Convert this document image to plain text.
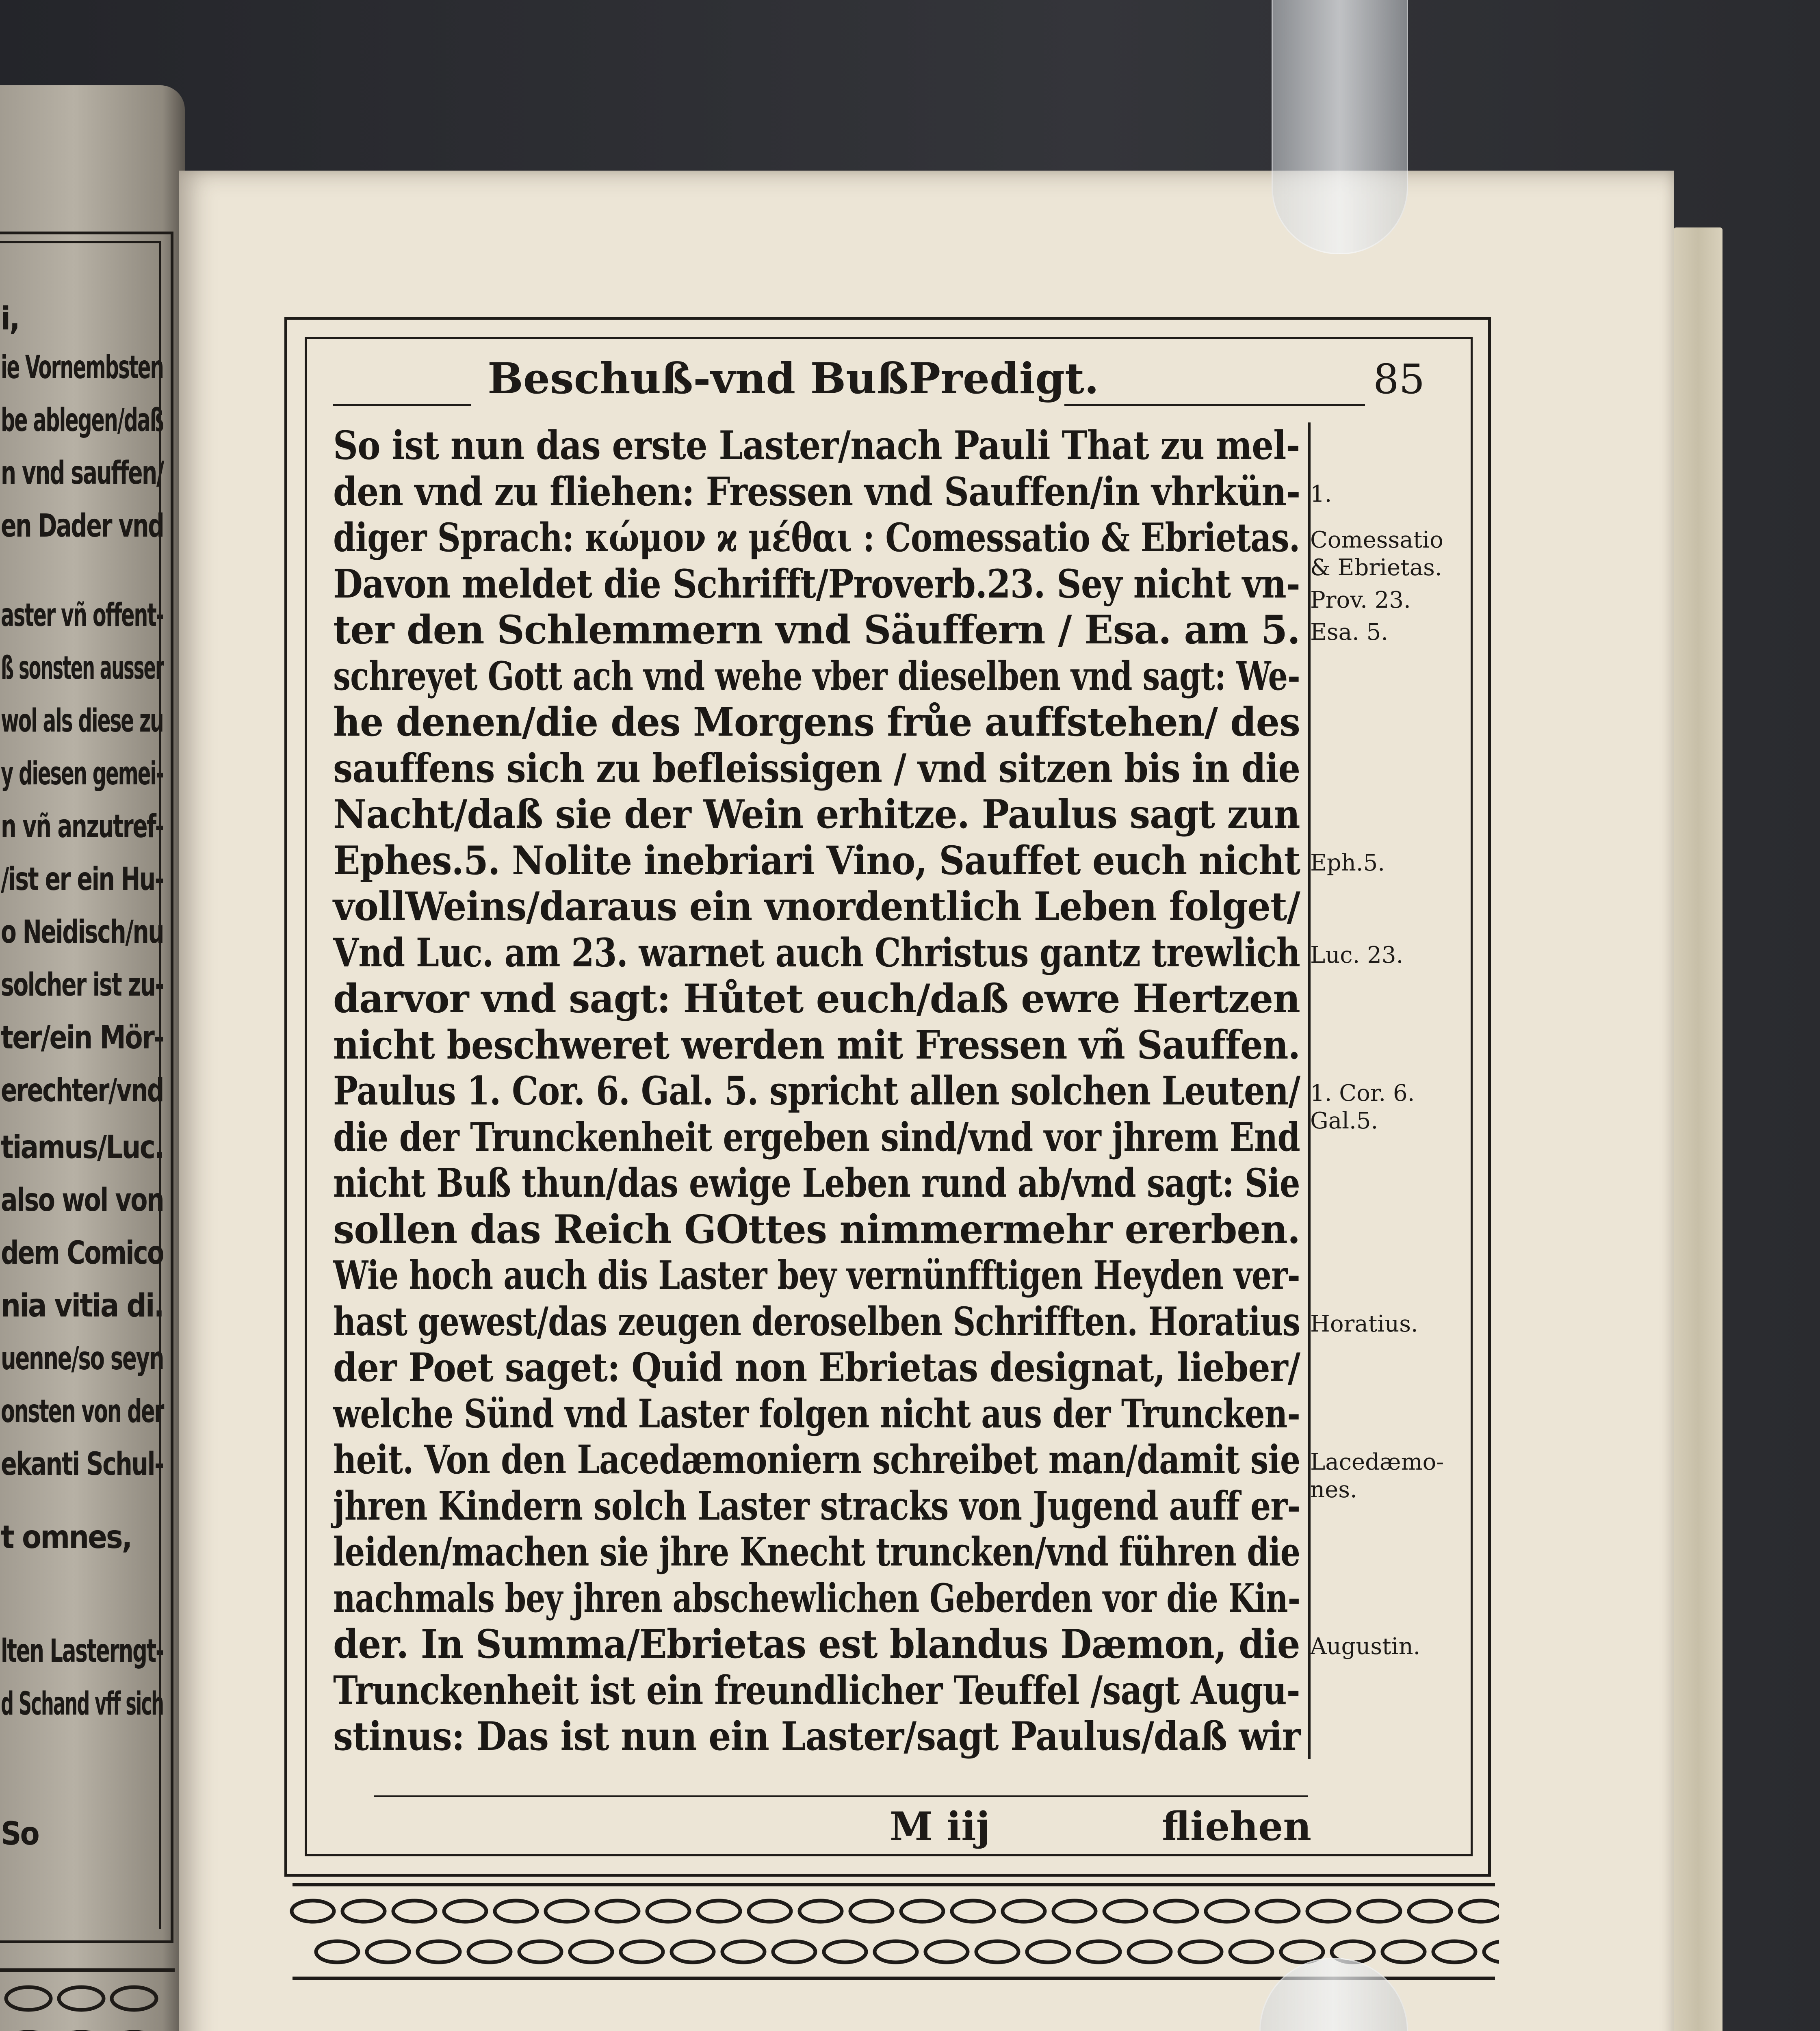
i,
ie Vornembsten
be ablegen/daß
n vnd sauffen/
en Dader vnd
aster vñ offent-
ß sonsten ausser
wol als diese zu
y diesen gemei-
n vñ anzutref-
/ist er ein Hu-
o Neidisch/nu
solcher ist zu-
ter/ein Mör-
erechter/vnd
tiamus/Luc.
also wol von
dem Comico
nia vitia di.
uenne/so seyn
onsten von der
ekanti Schul-
t omnes,
lten Lasterngt-
d Schand vff sich
So
Beschuß-vnd BußPredigt.	85
So ist nun das erste Laster/nach Pauli That zu mel-
den vnd zu fliehen: Fressen vnd Sauffen/in vhrkün-
diger Sprach: κώμον ϰ μέθαι : Comessatio & Ebrietas.
Davon meldet die Schrifft/Proverb.23. Sey nicht vn-
ter den Schlemmern vnd Säuffern / Esa. am 5.
schreyet Gott ach vnd wehe vber dieselben vnd sagt: We-
he denen/die des Morgens frůe auffstehen/ des
sauffens sich zu befleissigen / vnd sitzen bis in die
Nacht/daß sie der Wein erhitze. Paulus sagt zun
Ephes.5. Nolite inebriari Vino, Sauffet euch nicht
vollWeins/daraus ein vnordentlich Leben folget/
Vnd Luc. am 23. warnet auch Christus gantz trewlich
darvor vnd sagt: Hůtet euch/daß ewre Hertzen
nicht beschweret werden mit Fressen vñ Sauffen.
Paulus 1. Cor. 6. Gal. 5. spricht allen solchen Leuten/
die der Trunckenheit ergeben sind/vnd vor jhrem End
nicht Buß thun/das ewige Leben rund ab/vnd sagt: Sie
sollen das Reich GOttes nimmermehr ererben.
Wie hoch auch dis Laster bey vernünfftigen Heyden ver-
hast gewest/das zeugen deroselben Schrifften. Horatius
der Poet saget: Quid non Ebrietas designat, lieber/
welche Sünd vnd Laster folgen nicht aus der Truncken-
heit. Von den Lacedæmoniern schreibet man/damit sie
jhren Kindern solch Laster stracks von Jugend auff er-
leiden/machen sie jhre Knecht truncken/vnd führen die
nachmals bey jhren abschewlichen Geberden vor die Kin-
der. In Summa/Ebrietas est blandus Dæmon, die
Trunckenheit ist ein freundlicher Teuffel /sagt Augu-
stinus: Das ist nun ein Laster/sagt Paulus/daß wir
1.
Comessatio
& Ebrietas.
Prov. 23.
Esa. 5.
Eph.5.
Luc. 23.
1. Cor. 6.
Gal.5.
Horatius.
Lacedæmo-
nes.
Augustin.
M iij	fliehen
